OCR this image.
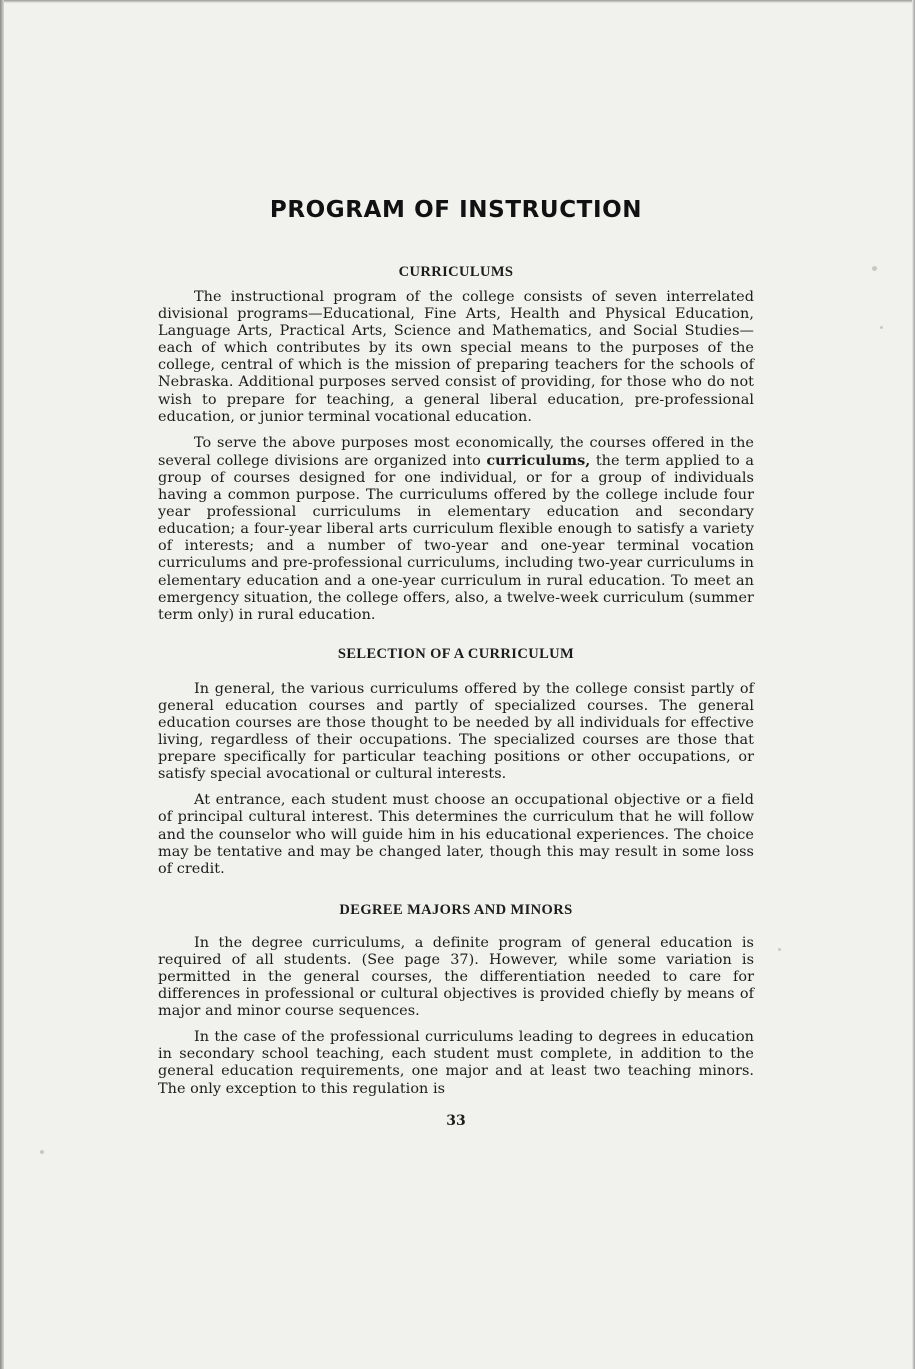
PROGRAM OF INSTRUCTION
CURRICULUMS

The instructional program of the college consists of seven interrelated divisional programs—Educational, Fine Arts, Health and Physical Education, Language Arts, Practical Arts, Science and Mathematics, and Social Studies—each of which contributes by its own special means to the purposes of the college, central of which is the mission of preparing teachers for the schools of Nebraska. Additional purposes served consist of providing, for those who do not wish to prepare for teaching, a general liberal education, pre-professional education, or junior terminal vocational education.

To serve the above purposes most economically, the courses offered in the several college divisions are organized into curriculums, the term applied to a group of courses designed for one individual, or for a group of individuals having a common purpose. The curriculums offered by the college include four year professional curriculums in elementary education and secondary education; a four-year liberal arts curriculum flexible enough to satisfy a variety of interests; and a number of two-year and one-year terminal vocation curriculums and pre-professional curriculums, including two-year curriculums in elementary education and a one-year curriculum in rural education. To meet an emergency situation, the college offers, also, a twelve-week curriculum (summer term only) in rural education.

SELECTION OF A CURRICULUM

In general, the various curriculums offered by the college consist partly of general education courses and partly of specialized courses. The general education courses are those thought to be needed by all individuals for effective living, regardless of their occupations. The specialized courses are those that prepare specifically for particular teaching positions or other occupations, or satisfy special avocational or cultural interests.

At entrance, each student must choose an occupational objective or a field of principal cultural interest. This determines the curriculum that he will follow and the counselor who will guide him in his educational experiences. The choice may be tentative and may be changed later, though this may result in some loss of credit.

DEGREE MAJORS AND MINORS

In the degree curriculums, a definite program of general education is required of all students. (See page 37). However, while some variation is permitted in the general courses, the differentiation needed to care for differences in professional or cultural objectives is provided chiefly by means of major and minor course sequences.

In the case of the professional curriculums leading to degrees in education in secondary school teaching, each student must complete, in addition to the general education requirements, one major and at least two teaching minors. The only exception to this regulation is

33
